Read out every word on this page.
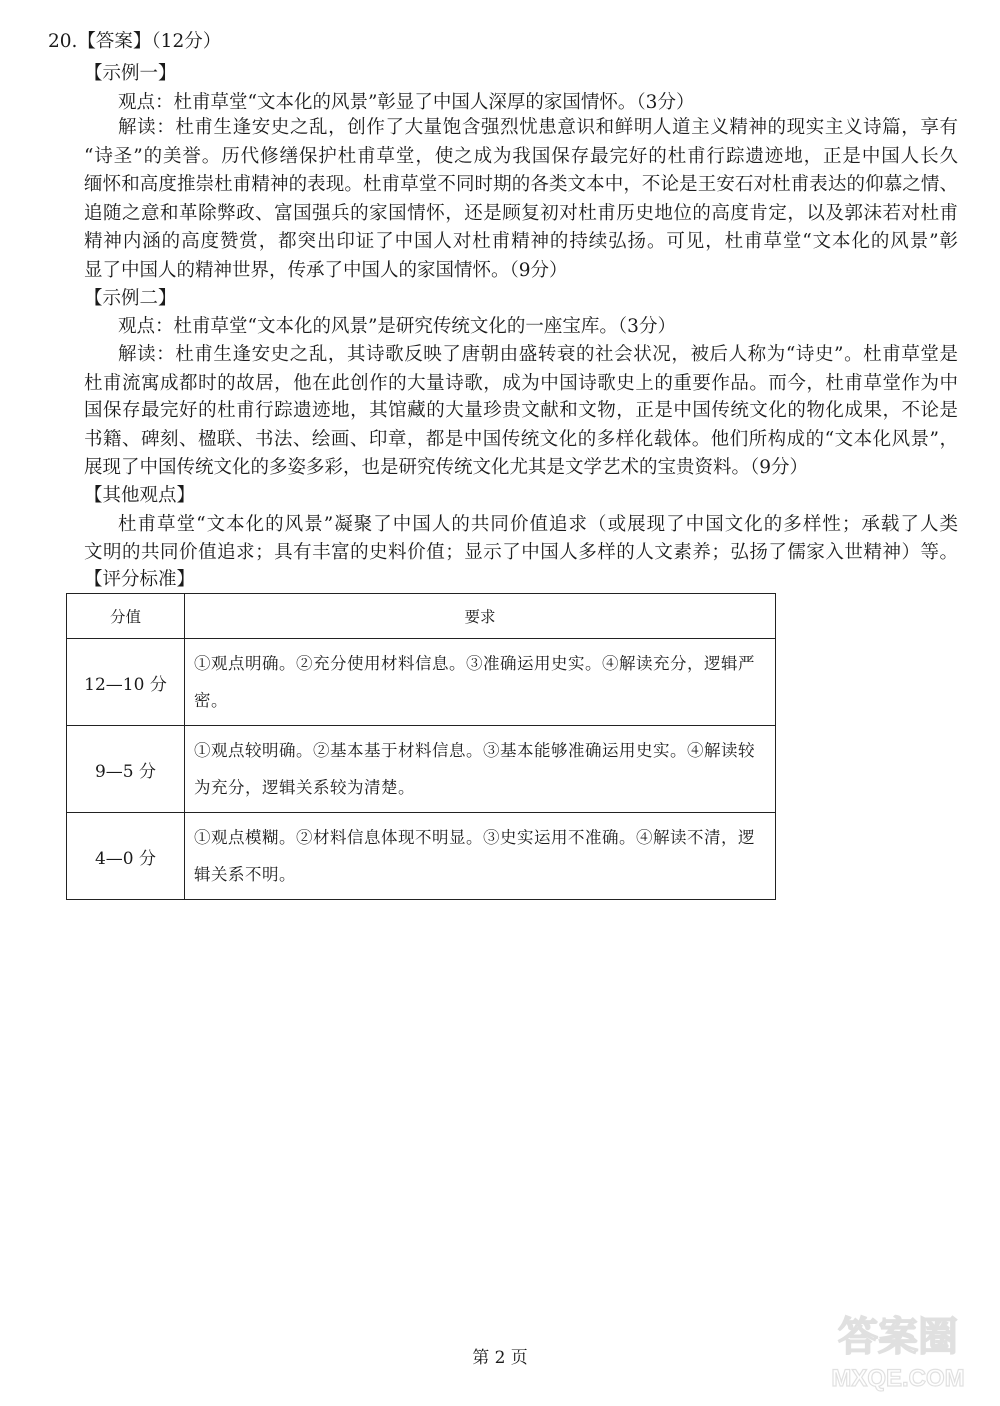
20.【答案】（12分）
【示例一】
观点：杜甫草堂“文本化的风景”彰显了中国人深厚的家国情怀。（3分）
解读：杜甫生逢安史之乱，创作了大量饱含强烈忧患意识和鲜明人道主义精神的现实主义诗篇，享有
“诗圣”的美誉。历代修缮保护杜甫草堂，使之成为我国保存最完好的杜甫行踪遗迹地，正是中国人长久
缅怀和高度推崇杜甫精神的表现。杜甫草堂不同时期的各类文本中，不论是王安石对杜甫表达的仰慕之情、
追随之意和革除弊政、富国强兵的家国情怀，还是顾复初对杜甫历史地位的高度肯定，以及郭沫若对杜甫
精神内涵的高度赞赏，都突出印证了中国人对杜甫精神的持续弘扬。可见，杜甫草堂“文本化的风景”彰
显了中国人的精神世界，传承了中国人的家国情怀。（9分）
【示例二】
观点：杜甫草堂“文本化的风景”是研究传统文化的一座宝库。（3分）
解读：杜甫生逢安史之乱，其诗歌反映了唐朝由盛转衰的社会状况，被后人称为“诗史”。杜甫草堂是
杜甫流寓成都时的故居，他在此创作的大量诗歌，成为中国诗歌史上的重要作品。而今，杜甫草堂作为中
国保存最完好的杜甫行踪遗迹地，其馆藏的大量珍贵文献和文物，正是中国传统文化的物化成果，不论是
书籍、碑刻、楹联、书法、绘画、印章，都是中国传统文化的多样化载体。他们所构成的“文本化风景”，
展现了中国传统文化的多姿多彩，也是研究传统文化尤其是文学艺术的宝贵资料。（9分）
【其他观点】
杜甫草堂“文本化的风景”凝聚了中国人的共同价值追求（或展现了中国文化的多样性；承载了人类
文明的共同价值追求；具有丰富的史料价值；显示了中国人多样的人文素养；弘扬了儒家入世精神）等。
【评分标准】
分值	要求
12—10 分	①观点明确。②充分使用材料信息。③准确运用史实。④解读充分，逻辑严密。
9—5 分	①观点较明确。②基本基于材料信息。③基本能够准确运用史实。④解读较为充分，逻辑关系较为清楚。
4—0 分	①观点模糊。②材料信息体现不明显。③史实运用不准确。④解读不清，逻辑关系不明。
第 2 页	答案圈
MXQE.COM
